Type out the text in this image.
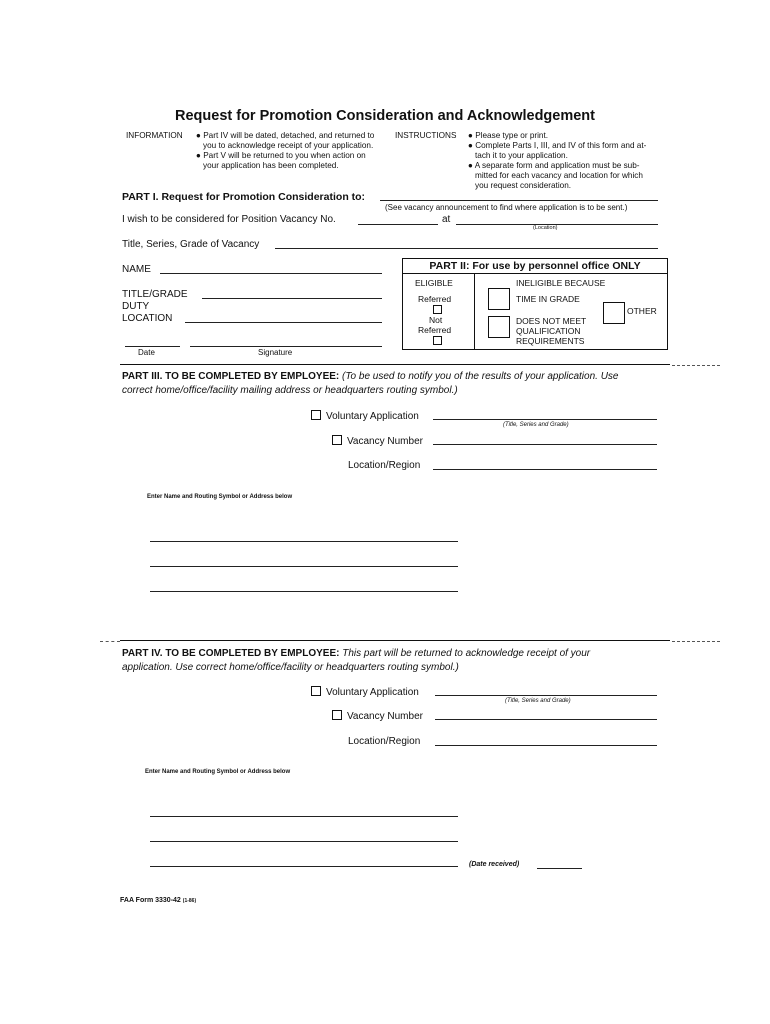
Request for Promotion Consideration and Acknowledgement
INFORMATION ● Part IV will be dated, detached, and returned to
you to acknowledge receipt of your application.
● Part V will be returned to you when action on
your application has been completed.
INSTRUCTIONS ● Please type or print.
● Complete Parts I, III, and IV of this form and at-
tach it to your application.
● A separate form and application must be sub-
mitted for each vacancy and location for which
you request consideration.
PART I. Request for Promotion Consideration to:
(See vacancy announcement to find where application is to be sent.)
I wish to be considered for Position Vacancy No.	at
(Location)
Title, Series, Grade of Vacancy
NAME
TITLE/GRADE
DUTY
LOCATION
Date	Signature
PART II: For use by personnel office ONLY
ELIGIBLE
Referred
Not
Referred
INELIGIBLE BECAUSE
TIME IN GRADE
OTHER
DOES NOT MEET
QUALIFICATION
REQUIREMENTS
PART III. TO BE COMPLETED BY EMPLOYEE: (To be used to notify you of the results of your application. Use
correct home/office/facility mailing address or headquarters routing symbol.)
Voluntary Application
(Title, Series and Grade)
Vacancy Number
Location/Region
Enter Name and Routing Symbol or Address below
PART IV. TO BE COMPLETED BY EMPLOYEE: This part will be returned to acknowledge receipt of your
application. Use correct home/office/facility or headquarters routing symbol.)
Voluntary Application
(Title, Series and Grade)
Vacancy Number
Location/Region
Enter Name and Routing Symbol or Address below
(Date received)
FAA Form 3330-42 (1-86)
